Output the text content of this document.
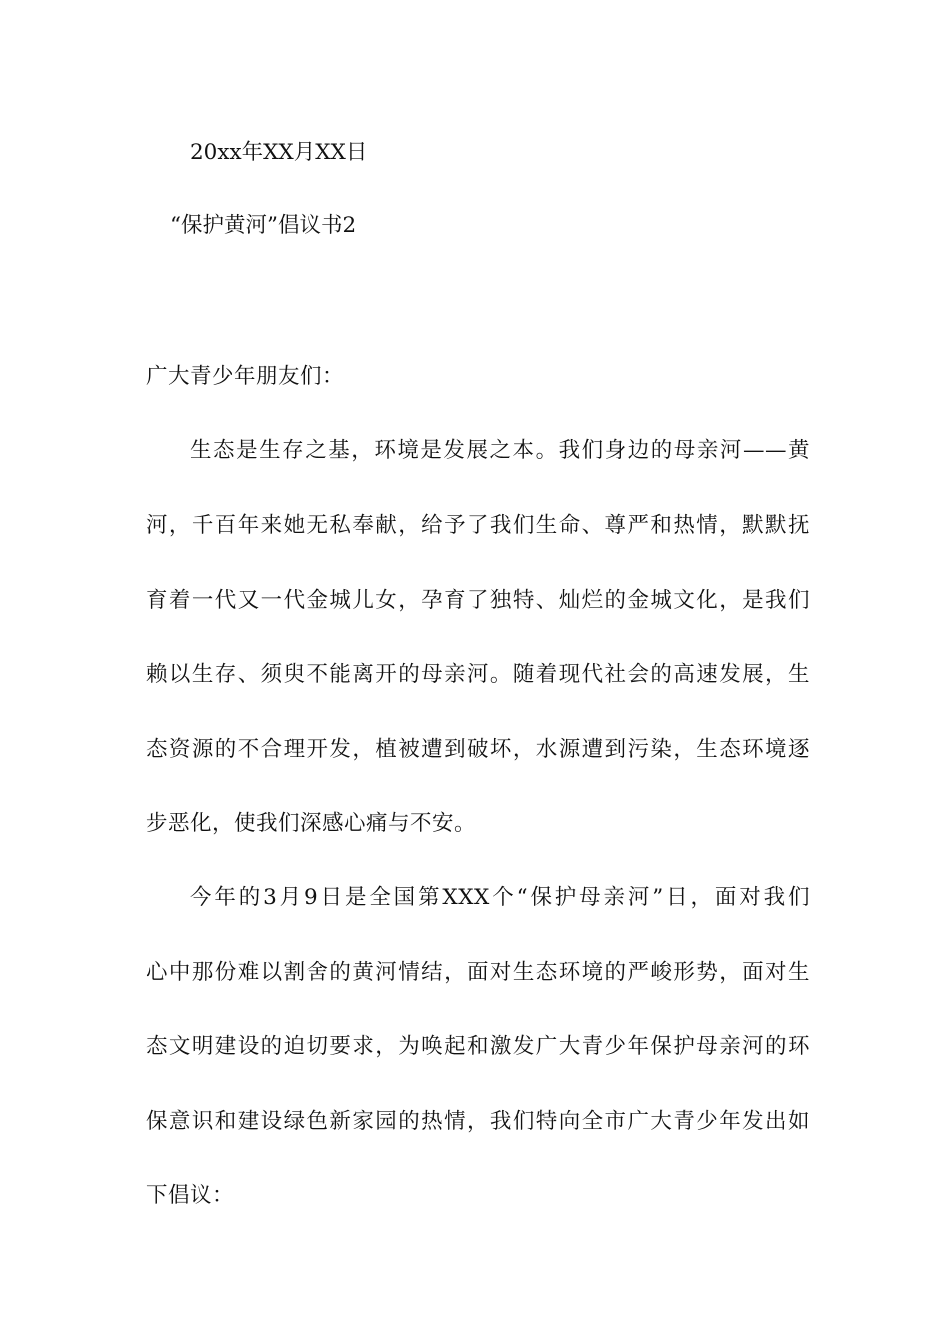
20xx年XX月XX日
“保护黄河”倡议书2
广大青少年朋友们：
生态是生存之基，环境是发展之本。我们身边的母亲河——黄
河，千百年来她无私奉献，给予了我们生命、尊严和热情，默默抚
育着一代又一代金城儿女，孕育了独特、灿烂的金城文化，是我们
赖以生存、须臾不能离开的母亲河。随着现代社会的高速发展，生
态资源的不合理开发，植被遭到破坏，水源遭到污染，生态环境逐
步恶化，使我们深感心痛与不安。
今年的3月9日是全国第XXX个“保护母亲河”日，面对我们
心中那份难以割舍的黄河情结，面对生态环境的严峻形势，面对生
态文明建设的迫切要求，为唤起和激发广大青少年保护母亲河的环
保意识和建设绿色新家园的热情，我们特向全市广大青少年发出如
下倡议：
